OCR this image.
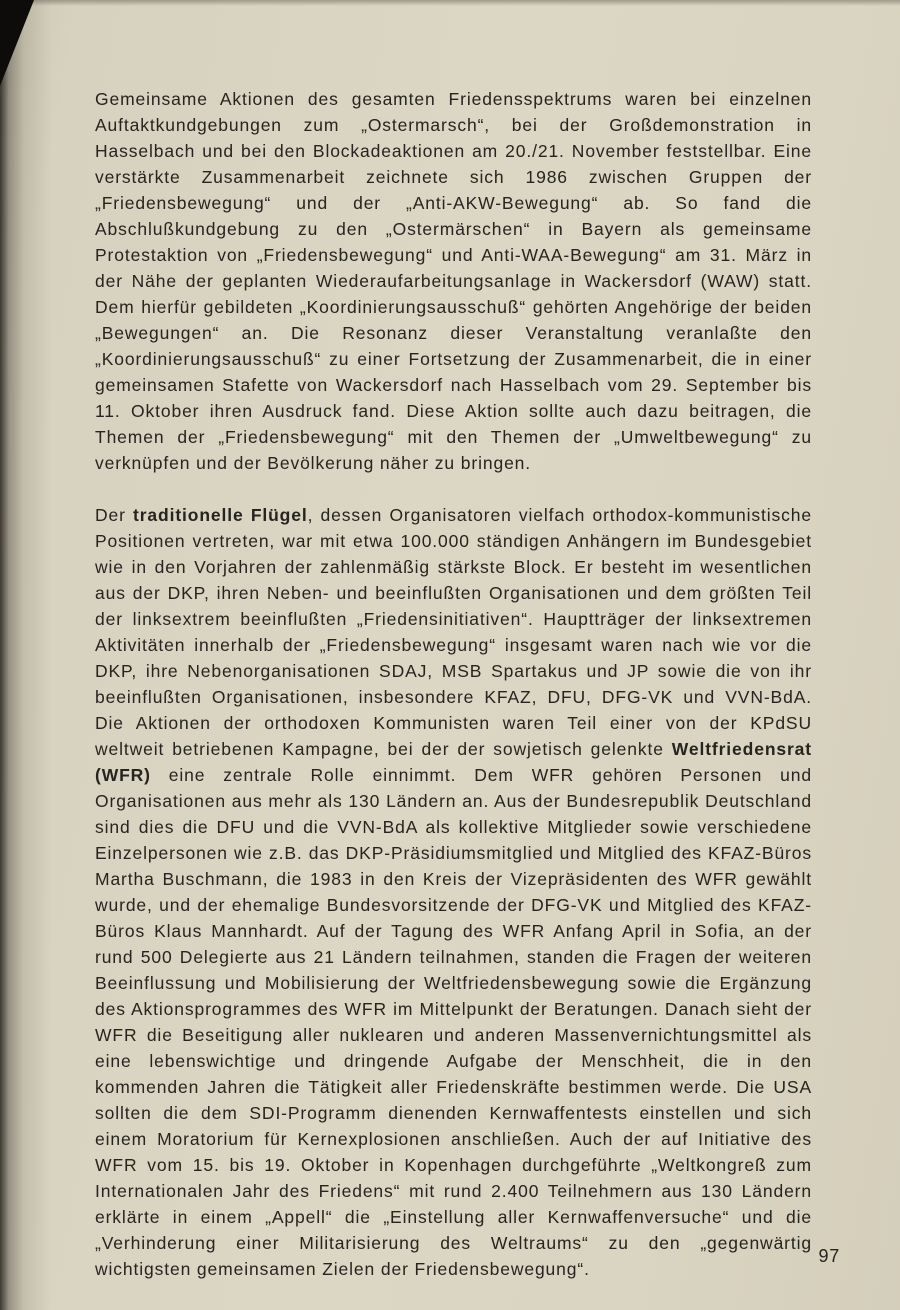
Gemeinsame Aktionen des gesamten Friedensspektrums waren bei einzelnen Auftaktkundgebungen zum „Ostermarsch“, bei der Großdemonstration in Hasselbach und bei den Blockadeaktionen am 20./21. November feststellbar. Eine verstärkte Zusammenarbeit zeichnete sich 1986 zwischen Gruppen der „Friedensbewegung“ und der „Anti-AKW-Bewegung“ ab. So fand die Abschlußkundgebung zu den „Ostermärschen“ in Bayern als gemeinsame Protestaktion von „Friedensbewegung“ und Anti-WAA-Bewegung“ am 31. März in der Nähe der geplanten Wiederaufarbeitungsanlage in Wackersdorf (WAW) statt. Dem hierfür gebildeten „Koordinierungsausschuß“ gehörten Angehörige der beiden „Bewegungen“ an. Die Resonanz dieser Veranstaltung veranlaßte den „Koordinierungsausschuß“ zu einer Fortsetzung der Zusammenarbeit, die in einer gemeinsamen Stafette von Wackersdorf nach Hasselbach vom 29. September bis 11. Oktober ihren Ausdruck fand. Diese Aktion sollte auch dazu beitragen, die Themen der „Friedensbewegung“ mit den Themen der „Umweltbewegung“ zu verknüpfen und der Bevölkerung näher zu bringen.

Der traditionelle Flügel, dessen Organisatoren vielfach orthodox-kommunistische Positionen vertreten, war mit etwa 100.000 ständigen Anhängern im Bundesgebiet wie in den Vorjahren der zahlenmäßig stärkste Block. Er besteht im wesentlichen aus der DKP, ihren Neben- und beeinflußten Organisationen und dem größten Teil der linksextrem beeinflußten „Friedensinitiativen“. Hauptträger der linksextremen Aktivitäten innerhalb der „Friedensbewegung“ insgesamt waren nach wie vor die DKP, ihre Nebenorganisationen SDAJ, MSB Spartakus und JP sowie die von ihr beeinflußten Organisationen, insbesondere KFAZ, DFU, DFG-VK und VVN-BdA. Die Aktionen der orthodoxen Kommunisten waren Teil einer von der KPdSU weltweit betriebenen Kampagne, bei der der sowjetisch gelenkte Weltfriedensrat (WFR) eine zentrale Rolle einnimmt. Dem WFR gehören Personen und Organisationen aus mehr als 130 Ländern an. Aus der Bundesrepublik Deutschland sind dies die DFU und die VVN-BdA als kollektive Mitglieder sowie verschiedene Einzelpersonen wie z.B. das DKP-Präsidiumsmitglied und Mitglied des KFAZ-Büros Martha Buschmann, die 1983 in den Kreis der Vizepräsidenten des WFR gewählt wurde, und der ehemalige Bundesvorsitzende der DFG-VK und Mitglied des KFAZ-Büros Klaus Mannhardt. Auf der Tagung des WFR Anfang April in Sofia, an der rund 500 Delegierte aus 21 Ländern teilnahmen, standen die Fragen der weiteren Beeinflussung und Mobilisierung der Weltfriedensbewegung sowie die Ergänzung des Aktionsprogrammes des WFR im Mittelpunkt der Beratungen. Danach sieht der WFR die Beseitigung aller nuklearen und anderen Massenvernichtungsmittel als eine lebenswichtige und dringende Aufgabe der Menschheit, die in den kommenden Jahren die Tätigkeit aller Friedenskräfte bestimmen werde. Die USA sollten die dem SDI-Programm dienenden Kernwaffentests einstellen und sich einem Moratorium für Kernexplosionen anschließen. Auch der auf Initiative des WFR vom 15. bis 19. Oktober in Kopenhagen durchgeführte „Weltkongreß zum Internationalen Jahr des Friedens“ mit rund 2.400 Teilnehmern aus 130 Ländern erklärte in einem „Appell“ die „Einstellung aller Kernwaffenversuche“ und die „Verhinderung einer Militarisierung des Weltraums“ zu den „gegenwärtig wichtigsten gemeinsamen Zielen der Friedensbewegung“.

97
